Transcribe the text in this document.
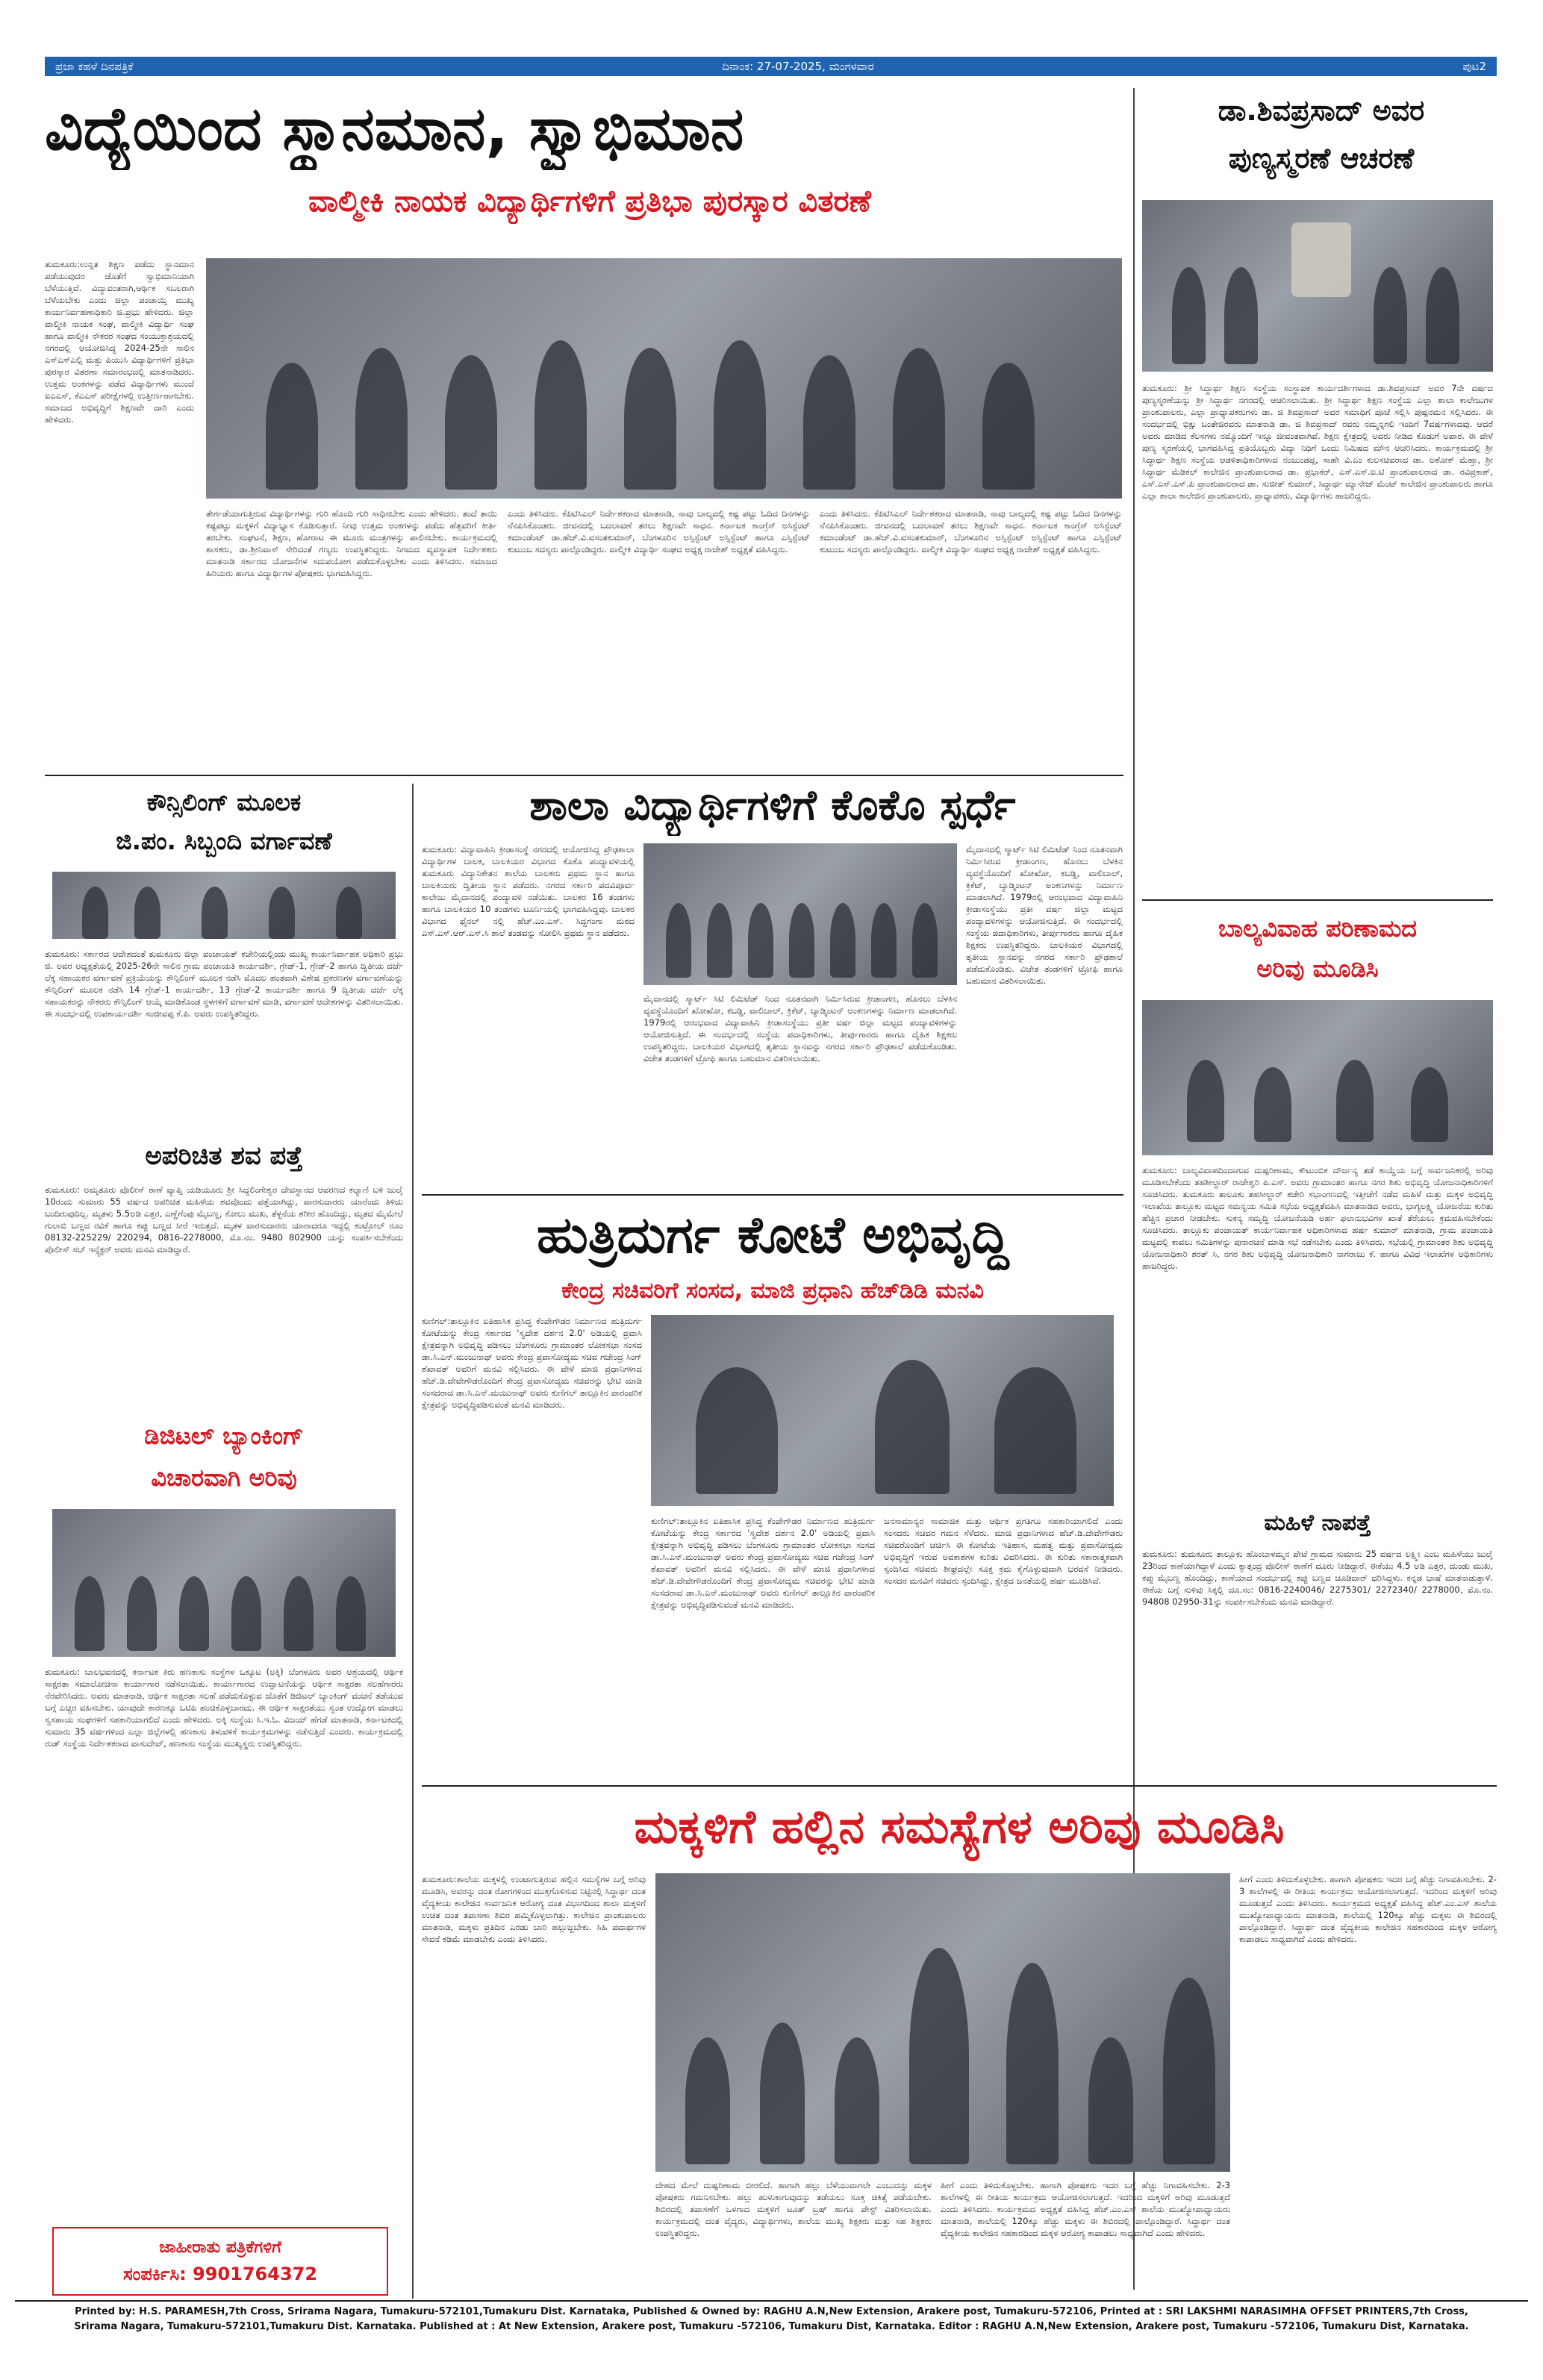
ಪ್ರಜಾ ಕಹಳೆ ದಿನಪತ್ರಿಕೆ	ದಿನಾಂಕ: 27-07-2025, ಮಂಗಳವಾರ	ಪುಟ2
ವಿದ್ಯೆಯಿಂದ ಸ್ಥಾನಮಾನ, ಸ್ವಾಭಿಮಾನ
ವಾಲ್ಮೀಕಿ ನಾಯಕ ವಿದ್ಯಾರ್ಥಿಗಳಿಗೆ ಪ್ರತಿಭಾ ಪುರಸ್ಕಾರ ವಿತರಣೆ
ತುಮಕೂರು:ಉನ್ನತ ಶಿಕ್ಷಣ ಪಡೆದು ಸ್ಥಾನಮಾನ ಪಡೆಯುವುದರ ಜೊತೆಗೆ ಸ್ವಾಭಿಮಾನಿಯಾಗಿ ಬೆಳೆಯುತ್ತಿವೆ. ವಿದ್ಯಾವಂತರಾಗಿ,ಆರ್ಥಿಕ ಸಬಲರಾಗಿ ಬೆಳೆಯಬೇಕು ಎಂದು ಜಿಲ್ಲಾ ಪಂಚಾಯ್ತಿ ಮುಖ್ಯ ಕಾರ್ಯನಿರ್ವಹಣಾಧಿಕಾರಿ ಜಿ.ಪ್ರಭು ಹೇಳಿದರು. ಜಿಲ್ಲಾ ವಾಲ್ಮೀಕಿ ನಾಯಕ ಸಂಘ, ವಾಲ್ಮೀಕಿ ವಿದ್ಯಾರ್ಥಿ ಸಂಘ ಹಾಗೂ ವಾಲ್ಮೀಕಿ ನೌಕರರ ಸಂಘದ ಸಂಯುಕ್ತಾಶ್ರಯದಲ್ಲಿ ನಗರದಲ್ಲಿ ಆಯೋಜಿಸಿದ್ದ 2024-25ನೇ ಸಾಲಿನ ಎಸ್ಎಸ್ಎಲ್ಸಿ ಮತ್ತು ಪಿಯುಸಿ ವಿದ್ಯಾರ್ಥಿಗಳಿಗೆ ಪ್ರತಿಭಾ ಪುರಸ್ಕಾರ ವಿತರಣಾ ಸಮಾರಂಭದಲ್ಲಿ ಮಾತನಾಡಿದರು. ಉತ್ತಮ ಅಂಕಗಳನ್ನು ಪಡೆದ ವಿದ್ಯಾರ್ಥಿಗಳು ಮುಂದೆ ಐಎಎಸ್, ಕೆಎಎಸ್ ಪರೀಕ್ಷೆಗಳಲ್ಲಿ ಉತ್ತೀರ್ಣರಾಗಬೇಕು. ಸಮಾಜದ ಅಭಿವೃದ್ಧಿಗೆ ಶಿಕ್ಷಣವೇ ದಾರಿ ಎಂದು ಹೇಳಿದರು.
ತೇರ್ಗಡೆಯಾಗುತ್ತಿರುವ ವಿದ್ಯಾರ್ಥಿಗಳನ್ನು ಗುರಿ ಹೊಂದಿ ಗುರಿ ಸಾಧಿಸಬೇಕು ಎಂದು ಹೇಳಿದರು. ತಂದೆ ತಾಯಿ ಕಷ್ಟಪಟ್ಟು ಮಕ್ಕಳಿಗೆ ವಿದ್ಯಾಭ್ಯಾಸ ಕೊಡಿಸುತ್ತಾರೆ. ನೀವು ಉತ್ತಮ ಅಂಕಗಳನ್ನು ಪಡೆದು ಹೆತ್ತವರಿಗೆ ಕೀರ್ತಿ ತರಬೇಕು. ಸಂಘಟನೆ, ಶಿಕ್ಷಣ, ಹೋರಾಟ ಈ ಮೂರು ಮಂತ್ರಗಳನ್ನು ಪಾಲಿಸಬೇಕು. ಕಾರ್ಯಕ್ರಮದಲ್ಲಿ ಶಾಸಕರು, ಡಾ.ಶ್ರೀನಿವಾಸ್ ಸೇರಿದಂತೆ ಗಣ್ಯರು ಉಪಸ್ಥಿತರಿದ್ದರು. ನಿಗಮದ ವ್ಯವಸ್ಥಾಪಕ ನಿರ್ದೇಶಕರು ಮಾತನಾಡಿ ಸರ್ಕಾರದ ಯೋಜನೆಗಳ ಸದುಪಯೋಗ ಪಡೆದುಕೊಳ್ಳಬೇಕು ಎಂದು ತಿಳಿಸಿದರು. ಸಮಾಜದ ಹಿರಿಯರು ಹಾಗೂ ವಿದ್ಯಾರ್ಥಿಗಳ ಪೋಷಕರು ಭಾಗವಹಿಸಿದ್ದರು.
ಎಂದು ತಿಳಿಸಿದರು. ಕೆಪಿಟಿಸಿಎಲ್ ನಿರ್ದೇಶಕರಾದ ಮಾತನಾಡಿ, ನಾವು ಬಾಲ್ಯದಲ್ಲಿ ಕಷ್ಟ ಪಟ್ಟು ಓದಿದ ದಿನಗಳನ್ನು ನೆನಪಿಸಿಕೊಂಡರು. ಜೀವನದಲ್ಲಿ ಬದಲಾವಣೆ ತರಲು ಶಿಕ್ಷಣವೇ ಸಾಧನ. ಕರ್ನಾಟಕ ಕಾಂಗ್ರೆಸ್ ಅಸಿಸ್ಟೆಂಟ್ ಕಮಾಂಡೆಂಟ್ ಡಾ.ಹೆಚ್.ವಿ.ವಸಂತಕುಮಾರ್, ಬೆಂಗಳೂರಿನ ಅಸ್ಸಿಸ್ಟೆಂಟ್ ಅಸ್ಸಿಸ್ಟೆಂಟ್ ಹಾಗೂ ಎಸ್ಸಿಸ್ಟೆಂಟ್ ಕುಟುಂಬ ಸದಸ್ಯರು ಪಾಲ್ಗೊಂಡಿದ್ದರು. ವಾಲ್ಮೀಕಿ ವಿದ್ಯಾರ್ಥಿ ಸಂಘದ ಅಧ್ಯಕ್ಷ ರಾಜೇಶ್ ಅಧ್ಯಕ್ಷತೆ ವಹಿಸಿದ್ದರು.
ಎಂದು ತಿಳಿಸಿದರು. ಕೆಪಿಟಿಸಿಎಲ್ ನಿರ್ದೇಶಕರಾದ ಮಾತನಾಡಿ, ನಾವು ಬಾಲ್ಯದಲ್ಲಿ ಕಷ್ಟ ಪಟ್ಟು ಓದಿದ ದಿನಗಳನ್ನು ನೆನಪಿಸಿಕೊಂಡರು. ಜೀವನದಲ್ಲಿ ಬದಲಾವಣೆ ತರಲು ಶಿಕ್ಷಣವೇ ಸಾಧನ. ಕರ್ನಾಟಕ ಕಾಂಗ್ರೆಸ್ ಅಸಿಸ್ಟೆಂಟ್ ಕಮಾಂಡೆಂಟ್ ಡಾ.ಹೆಚ್.ವಿ.ವಸಂತಕುಮಾರ್, ಬೆಂಗಳೂರಿನ ಅಸ್ಸಿಸ್ಟೆಂಟ್ ಅಸ್ಸಿಸ್ಟೆಂಟ್ ಹಾಗೂ ಎಸ್ಸಿಸ್ಟೆಂಟ್ ಕುಟುಂಬ ಸದಸ್ಯರು ಪಾಲ್ಗೊಂಡಿದ್ದರು. ವಾಲ್ಮೀಕಿ ವಿದ್ಯಾರ್ಥಿ ಸಂಘದ ಅಧ್ಯಕ್ಷ ರಾಜೇಶ್ ಅಧ್ಯಕ್ಷತೆ ವಹಿಸಿದ್ದರು.
ಡಾ.ಶಿವಪ್ರಸಾದ್ ಅವರ
ಪುಣ್ಯಸ್ಮರಣೆ ಆಚರಣೆ
ತುಮಕೂರು: ಶ್ರೀ ಸಿದ್ಧಾರ್ಥ ಶಿಕ್ಷಣ ಸಂಸ್ಥೆಯ ಸಂಸ್ಥಾಪಕ ಕಾರ್ಯದರ್ಶಿಗಳಾದ ಡಾ.ಶಿವಪ್ರಸಾದ್ ಅವರ 7ನೇ ವರ್ಷದ ಪುಣ್ಯಸ್ಮರಣೆಯನ್ನು ಶ್ರೀ ಸಿದ್ಧಾರ್ಥ ನಗರದಲ್ಲಿ ಆಚರಿಸಲಾಯಿತು. ಶ್ರೀ ಸಿದ್ಧಾರ್ಥ ಶಿಕ್ಷಣ ಸಂಸ್ಥೆಯ ಎಲ್ಲಾ ಶಾಲಾ ಕಾಲೇಜುಗಳ ಪ್ರಾಂಶುಪಾಲರು, ಎಲ್ಲಾ ಪ್ರಾಧ್ಯಾಪಕರುಗಳು ಡಾ. ಜಿ ಶಿವಪ್ರಸಾದ್ ಅವರ ಸಮಾಧಿಗೆ ಪೂಜೆ ಸಲ್ಲಿಸಿ ಪುಷ್ಪನಮನ ಸಲ್ಲಿಸಿದರು. ಈ ಸಂದರ್ಭದಲ್ಲಿ ಭಿಕ್ಷು ಬಂತೇಜಿರವರು ಮಾತನಾಡಿ ಡಾ. ಜಿ ಶಿವಪ್ರಸಾದ್ ರವರು ನಮ್ಮನ್ನಗಲಿ ಇಂದಿಗೆ 7ವರ್ಷಗಳಾದವು. ಆದರೆ ಅವರು ಮಾಡಿದ ಕೆಲಸಗಳು ನಮ್ಮೊಂದಿಗೆ ಇನ್ನೂ ಜೀವಂತವಾಗಿವೆ. ಶಿಕ್ಷಣ ಕ್ಷೇತ್ರದಲ್ಲಿ ಅವರು ನೀಡಿದ ಕೊಡುಗೆ ಅಪಾರ. ಈ ವೇಳೆ ಪುಣ್ಯ ಸ್ಮರಣೆಯಲ್ಲಿ ಭಾಗವಹಿಸಿದ್ದ ಪ್ರತಿಯೊಬ್ಬರು ವಿದ್ಯಾ ನಿಧಿಗೆ ಒಂದು ನಿಮಿಷದ ಮೌನ ಆಚರಿಸಿದರು. ಕಾರ್ಯಕ್ರಮದಲ್ಲಿ ಶ್ರೀ ಸಿದ್ಧಾರ್ಥ ಶಿಕ್ಷಣ ಸಂಸ್ಥೆಯ ಆಡಳಿತಾಧಿಕಾರಿಗಳಾದ ನಂಜುಂಡಪ್ಪ, ಸಾಹೇ ವಿ.ಎಂ ಕುಲಸಚಿವರಾದ ಡಾ. ಅಶೋಕ್ ಮೆಹ್ತಾ, ಶ್ರೀ ಸಿದ್ಧಾರ್ಥ ಮೆಡಿಕಲ್ ಕಾಲೇಜಿನ ಪ್ರಾಂಶುಪಾಲರಾದ ಡಾ. ಪ್ರಭಾಕರ್, ಎಸ್.ಎಸ್.ಐ.ಟಿ ಪ್ರಾಂಶುಪಾಲರಾದ ಡಾ. ರವಿಪ್ರಕಾಶ್, ಎಸ್.ಎಸ್.ಎಸ್.ಪಿ ಪ್ರಾಂಶುಪಾಲರಾದ ಡಾ. ಸುಜೀತ್ ಕುಮಾರ್, ಸಿದ್ಧಾರ್ಥ ಮ್ಯಾನೇಜ್ ಮೆಂಟ್ ಕಾಲೇಜಿನ ಪ್ರಾಂಶುಪಾಲರು ಹಾಗೂ ಎಲ್ಲಾ ಶಾಲಾ ಕಾಲೇಜಿನ ಪ್ರಾಂಶುಪಾಲರು, ಪ್ರಾಧ್ಯಾಪಕರು, ವಿದ್ಯಾರ್ಥಿಗಳು ಹಾಜರಿದ್ದರು.
ಬಾಲ್ಯವಿವಾಹ ಪರಿಣಾಮದ
ಅರಿವು ಮೂಡಿಸಿ
ತುಮಕೂರು: ಬಾಲ್ಯವಿವಾಹದಿಂದಾಗುವ ದುಷ್ಪರಿಣಾಮ, ಕೌಟುಂಬಿಕ ದೌರ್ಜನ್ಯ ತಡೆ ಕಾಯ್ದೆಯ ಬಗ್ಗೆ ಸಾರ್ವಜನಿಕರಲ್ಲಿ ಅರಿವು ಮೂಡಿಸಬೇಕೆಂದು ತಹಶೀಲ್ದಾರ್ ರಾಜೇಶ್ವರಿ ಪಿ.ಎಸ್. ಅವರು ಗ್ರಾಮಾಂತರ ಹಾಗೂ ನಗರ ಶಿಶು ಅಭಿವೃದ್ಧಿ ಯೋಜನಾಧಿಕಾರಿಗಳಿಗೆ ಸೂಚಿಸಿದರು. ತುಮಕೂರು ತಾಲೂಕು ತಹಸೀಲ್ದಾರ್ ಕಚೇರಿ ಸಭಾಂಗಣದಲ್ಲಿ ಇತ್ತೀಚೆಗೆ ನಡೆದ ಮಹಿಳೆ ಮತ್ತು ಮಕ್ಕಳ ಅಭಿವೃದ್ಧಿ ಇಲಾಖೆಯ ತಾಲ್ಲೂಕು ಮಟ್ಟದ ಸಮನ್ವಯ ಸಮಿತಿ ಸಭೆಯ ಅಧ್ಯಕ್ಷತೆವಹಿಸಿ ಮಾತನಾಡಿದ ಅವರು, ಭಾಗ್ಯಲಕ್ಷ್ಮಿ ಯೋಜನೆಯ ಕುರಿತು ಹೆಚ್ಚಿನ ಪ್ರಚಾರ ನೀಡಬೇಕು. ಸುಕನ್ಯ ಸಮೃದ್ಧಿ ಯೋಜನೆಯಡಿ ಅರ್ಹ ಫಲಾನುಭವಿಗಳ ಖಾತೆ ತೆರೆಯಲು ಕ್ರಮವಹಿಸಬೇಕೆಂದು ಸೂಚಿಸಿದರು. ತಾಲ್ಲೂಕು ಪಂಚಾಯತ್ ಕಾರ್ಯನಿರ್ವಾಹಕ ಅಧಿಕಾರಿಗಳಾದ ಹರ್ಷ ಕುಮಾರ್ ಮಾತನಾಡಿ, ಗ್ರಾಮ ಪಂಚಾಯತಿ ಮಟ್ಟದಲ್ಲಿ ಕಾವಲು ಸಮಿತಿಗಳನ್ನು ಪುನಾರಚನೆ ಮಾಡಿ ಸಭೆ ನಡೆಸಬೇಕು ಎಂದು ತಿಳಿಸಿದರು. ಸಭೆಯಲ್ಲಿ ಗ್ರಾಮಾಂತರ ಶಿಶು ಅಭಿವೃದ್ಧಿ ಯೋಜನಾಧಿಕಾರಿ ಶರತ್ ಸಿ, ನಗರ ಶಿಶು ಅಭಿವೃದ್ಧಿ ಯೋಜನಾಧಿಕಾರಿ ನಾಗರಾಜು ಕೆ. ಹಾಗೂ ವಿವಿಧ ಇಲಾಖೆಗಳ ಅಧಿಕಾರಿಗಳು ಹಾಜರಿದ್ದರು.
ಮಹಿಳೆ ನಾಪತ್ತೆ
ತುಮಕೂರು: ತುಮಕೂರು ತಾಲ್ಲೂಕು ಹೊಂಬಾಳಮ್ಮನ ಪೇಟೆ ಗ್ರಾಮದ ಸುಮಾರು 25 ವರ್ಷದ ಲಕ್ಷ್ಮೀ ಎಂಬ ಮಹಿಳೆಯು ಜುಲೈ 23ರಿಂದ ಕಾಣೆಯಾಗಿದ್ದಾಳೆ ಎಂದು ಕ್ಯಾತ್ಸಂದ್ರ ಪೊಲೀಸ್ ಠಾಣೆಗೆ ದೂರು ನೀಡಿದ್ದಾರೆ. ಈಕೆಯು 4.5 ಅಡಿ ಎತ್ತರ, ದುಂಡು ಮುಖ, ಕಪ್ಪು ಮೈಬಣ್ಣ ಹೊಂದಿದ್ದು, ಕಾಣೆಯಾದ ಸಂದರ್ಭದಲ್ಲಿ ಕಪ್ಪು ಬಣ್ಣದ ಚೂಡಿದಾರ್ ಧರಿಸಿದ್ದಳು. ಕನ್ನಡ ಭಾಷೆ ಮಾತನಾಡುತ್ತಾಳೆ. ಈಕೆಯ ಬಗ್ಗೆ ಸುಳಿವು ಸಿಕ್ಕಲ್ಲಿ ದೂ.ಸಂ: 0816-2240046/ 2275301/ 2272340/ 2278000, ಮೊ.ನಂ. 94808 02950-31ನ್ನು ಸಂಪರ್ಕಿಸಬೇಕೆಂದು ಮನವಿ ಮಾಡಿದ್ದಾರೆ.
ಕೌನ್ಸಿಲಿಂಗ್ ಮೂಲಕ
ಜಿ.ಪಂ. ಸಿಬ್ಬಂದಿ ವರ್ಗಾವಣೆ
ತುಮಕೂರು: ಸರ್ಕಾರದ ಆದೇಶದಂತೆ ತುಮಕೂರು ಜಿಲ್ಲಾ ಪಂಚಾಯತ್ ಕಚೇರಿಯಲ್ಲಿಂದು ಮುಖ್ಯ ಕಾರ್ಯನಿರ್ವಾಹಕ ಅಧಿಕಾರಿ ಪ್ರಭು ಜಿ. ಅವರ ಅಧ್ಯಕ್ಷತೆಯಲ್ಲಿ 2025-26ನೇ ಸಾಲಿನ ಗ್ರಾಮ ಪಂಚಾಯತಿ ಕಾರ್ಯದರ್ಶಿ, ಗ್ರೇಡ್-1, ಗ್ರೇಡ್-2 ಹಾಗೂ ದ್ವಿತೀಯ ದರ್ಜೆ ಲೆಕ್ಕ ಸಹಾಯಕರ ವರ್ಗಾವಣೆ ಪ್ರಕ್ರಿಯೆಯನ್ನು ಕೌನ್ಸಿಲಿಂಗ್ ಮೂಲಕ ನಡೆಸಿ ಮೊದಲ ಹಂತವಾಗಿ ವಿಶೇಷ ಪ್ರಕರಣಗಳ ವರ್ಗಾವಣೆಯನ್ನು ಕೌನ್ಸಿಲಿಂಗ್ ಮೂಲಕ ನಡೆಸಿ 14 ಗ್ರೇಡ್-1 ಕಾರ್ಯದರ್ಶಿ, 13 ಗ್ರೇಡ್-2 ಕಾರ್ಯದರ್ಶಿ ಹಾಗೂ 9 ದ್ವಿತೀಯ ದರ್ಜೆ ಲೆಕ್ಕ ಸಹಾಯಕರನ್ನು ನೌಕರರು ಕೌನ್ಸಿಲಿಂಗ್ ಆಯ್ಕೆ ಮಾಡಿಕೊಂಡ ಸ್ಥಳಗಳಿಗೆ ವರ್ಗಾವಣೆ ಮಾಡಿ, ವರ್ಗಾವಣೆ ಆದೇಶಗಳನ್ನು ವಿತರಿಸಲಾಯಿತು. ಈ ಸಂದರ್ಭದಲ್ಲಿ ಉಪಕಾರ್ಯದರ್ಶಿ ಸಂಜೀವಪ್ಪ ಕೆ.ಪಿ. ಅವರು ಉಪಸ್ಥಿತರಿದ್ದರು.
ಅಪರಿಚಿತ ಶವ ಪತ್ತೆ
ತುಮಕೂರು: ಅಮೃತೂರು ಪೊಲೀಸ್ ಠಾಣೆ ವ್ಯಾಪ್ತಿ ಯಡಿಯೂರು ಶ್ರೀ ಸಿದ್ದಲಿಂಗೇಶ್ವರ ದೇವಸ್ಥಾನದ ಆವರಣದ ಕಲ್ಯಾಣಿ ಬಳಿ ಜುಲೈ 10ರಂದು ಸುಮಾರು 55 ವರ್ಷದ ಅಪರಿಚಿತ ಮಹಿಳೆಯ ಶವವೊಂದು ಪತ್ತೆಯಾಗಿದ್ದು, ವಾರಸುದಾರರು ಯಾರೆಂದು ತಿಳಿದು ಬಂದಿರುವುದಿಲ್ಲ. ಮೃತಳು 5.5ಅಡಿ ಎತ್ತರ, ಎಣ್ಣೆಗೆಂಪು ಮೈಬಣ್ಣ, ಕೋಲು ಮುಖ, ತೆಳ್ಳನೆಯ ಶರೀರ ಹೊಂದಿದ್ದು, ಮೃತದ ಮೈಮೇಲೆ ಗುಲಾಬಿ ಬಣ್ಣದ ರವಿಕೆ ಹಾಗೂ ಕಪ್ಪು ಬಣ್ಣದ ಸೀರೆ ಇರುತ್ತದೆ. ಮೃತಳ ವಾರಸುದಾರರು ಯಾರಾದರೂ ಇದ್ದಲ್ಲಿ ಕಂಟ್ರೋಲ್ ರೂಂ 08132-225229/ 220294, 0816-2278000, ಮೊ.ನಂ. 9480 802900 ಯನ್ನು ಸಂಪರ್ಕಿಸಬೇಕೆಂದು ಪೊಲೀಸ್ ಸಬ್ ಇನ್ಸ್ಪೆಕ್ಟರ್ ಅವರು ಮನವಿ ಮಾಡಿದ್ದಾರೆ.
ಡಿಜಿಟಲ್ ಬ್ಯಾಂಕಿಂಗ್
ವಿಚಾರವಾಗಿ ಅರಿವು
ತುಮಕೂರು: ಬಾಲಭವನದಲ್ಲಿ ಕರ್ನಾಟಕ ಕಿರು ಹಣಕಾಸು ಸಂಸ್ಥೆಗಳ ಒಕ್ಕೂಟ (ಅಕ್ಕಿ) ಬೆಂಗಳೂರು ಅವರ ಆಶ್ರಯದಲ್ಲಿ ಆರ್ಥಿಕ ಸಾಕ್ಷರತಾ ಸಮಾಲೋಚನಾ ಕಾರ್ಯಾಗಾರ ನಡೆಸಲಾಯಿತು. ಕಾರ್ಯಾಗಾರದ ಉದ್ಘಾಟನೆಯನ್ನು ಆರ್ಥಿಕ ಸಾಕ್ಷರತಾ ಸಲಹೆಗಾರರು ನೆರವೇರಿಸಿದರು. ಅವರು ಮಾತನಾಡಿ, ಆರ್ಥಿಕ ಸಾಕ್ಷರತಾ ಸಲಹೆ ಪಡೆದುಕೊಳ್ಳುವ ಜೊತೆಗೆ ಡಿಜಿಟಲ್ ಬ್ಯಾಂಕಿಂಗ್ ವಂಚನೆ ತಡೆಯುವ ಬಗ್ಗೆ ಎಚ್ಚರ ವಹಿಸಬೇಕು. ಯಾವುದೇ ಕಾರಣಕ್ಕೂ ಒಟಿಪಿ ಹಂಚಿಕೊಳ್ಳಬಾರದು. ಈ ಆರ್ಥಿಕ ಸಾಕ್ಷರತೆಯು ಸ್ವಂತ ಉದ್ಯೋಗ ಮಾಡಲು ಸ್ವಸಹಾಯ ಸಂಘಗಳಿಗೆ ಸಹಕಾರಿಯಾಗಲಿದೆ ಎಂದು ಹೇಳಿದರು. ಅಕ್ಕಿ ಸಂಸ್ಥೆಯ ಸಿ.ಇ.ಓ. ವಿಜಯ್ ಹೆಗಡೆ ಮಾತನಾಡಿ, ಕರ್ನಾಟಕದಲ್ಲಿ ಸುಮಾರು 35 ವರ್ಷಗಳಿಂದ ಎಲ್ಲಾ ಜಿಲ್ಲೆಗಳಲ್ಲಿ ಹಣಕಾಸು ತಿಳುವಳಿಕೆ ಕಾರ್ಯಕ್ರಮಗಳನ್ನು ನಡೆಸುತ್ತಿದೆ ಎಂದರು. ಕಾರ್ಯಕ್ರಮದಲ್ಲಿ ರುಡ್ ಸಂಸ್ಥೆಯ ನಿರ್ದೇಶಕರಾದ ವಾಸುದೇವ್, ಹಣಕಾಸು ಸಂಸ್ಥೆಯ ಮುಖ್ಯಸ್ಥರು ಉಪಸ್ಥಿತರಿದ್ದರು.
ಜಾಹೀರಾತು ಪತ್ರಿಕೆಗಳಿಗೆ
ಸಂಪರ್ಕಿಸಿ: 9901764372
ಶಾಲಾ ವಿದ್ಯಾರ್ಥಿಗಳಿಗೆ ಕೊಕೊ ಸ್ಪರ್ಧೆ
ತುಮಕೂರು: ವಿದ್ಯಾವಾಹಿನಿ ಕ್ರೀಡಾಸಂಸ್ಥೆ ನಗರದಲ್ಲಿ ಆಯೋಜಿಸಿದ್ದ ಪ್ರೌಢಶಾಲಾ ವಿದ್ಯಾರ್ಥಿಗಳ ಬಾಲಕ, ಬಾಲಕಿಯರ ವಿಭಾಗದ ಕೊಕೊ ಪಂದ್ಯಾವಳಿಯಲ್ಲಿ ತುಮಕೂರು ವಿದ್ಯಾನಿಕೇತನ ಶಾಲೆಯ ಬಾಲಕರು ಪ್ರಥಮ ಸ್ಥಾನ ಹಾಗೂ ಬಾಲಕಿಯರು ದ್ವಿತೀಯ ಸ್ಥಾನ ಪಡೆದರು. ನಗರದ ಸರ್ಕಾರಿ ಪದವಿಪೂರ್ವ ಕಾಲೇಜು ಮೈದಾನದಲ್ಲಿ ಪಂದ್ಯಾವಳಿ ನಡೆಯಿತು. ಬಾಲಕರ 16 ತಂಡಗಳು ಹಾಗೂ ಬಾಲಕಿಯರ 10 ತಂಡಗಳು ಟೂರ್ನಿಯಲ್ಲಿ ಭಾಗವಹಿಸಿದ್ದವು. ಬಾಲಕರ ವಿಭಾಗದ ಫೈನಲ್ ನಲ್ಲಿ ಹೆಚ್.ಎಂ.ಎಸ್. ಸಿದ್ದಗಂಗಾ ಮಠದ ಎಸ್.ಎಸ್.ಆರ್.ಎಸ್.ಸಿ ಶಾಲೆ ತಂಡವನ್ನು ಸೋಲಿಸಿ ಪ್ರಥಮ ಸ್ಥಾನ ಪಡೆದರು.
ಮೈದಾನದಲ್ಲಿ ಸ್ಮಾರ್ಟ್ ಸಿಟಿ ಲಿಮಿಟೆಡ್ ನಿಂದ ನೂತನವಾಗಿ ನಿರ್ಮಿಸಿರುವ ಕ್ರೀಡಾಂಗಣ, ಹೊನಲು ಬೆಳಕಿನ ವ್ಯವಸ್ಥೆಯೊಂದಿಗೆ ಖೋಖೋ, ಕಬಡ್ಡಿ, ವಾಲಿಬಾಲ್, ಕ್ರಿಕೆಟ್, ಬ್ಯಾಡ್ಮಿಂಟನ್ ಅಂಕಣಗಳನ್ನು ನಿರ್ಮಾಣ ಮಾಡಲಾಗಿದೆ. 1979ರಲ್ಲಿ ಆರಂಭವಾದ ವಿದ್ಯಾವಾಹಿನಿ ಕ್ರೀಡಾಸಂಸ್ಥೆಯು ಪ್ರತೀ ವರ್ಷ ಜಿಲ್ಲಾ ಮಟ್ಟದ ಪಂದ್ಯಾವಳಿಗಳನ್ನು ಆಯೋಜಿಸುತ್ತಿದೆ. ಈ ಸಂದರ್ಭದಲ್ಲಿ ಸಂಸ್ಥೆಯ ಪದಾಧಿಕಾರಿಗಳು, ತೀರ್ಪುಗಾರರು ಹಾಗೂ ದೈಹಿಕ ಶಿಕ್ಷಕರು ಉಪಸ್ಥಿತರಿದ್ದರು. ಬಾಲಕಿಯರ ವಿಭಾಗದಲ್ಲಿ ತೃತೀಯ ಸ್ಥಾನವನ್ನು ನಗರದ ಸರ್ಕಾರಿ ಪ್ರೌಢಶಾಲೆ ಪಡೆದುಕೊಂಡಿತು. ವಿಜೇತ ತಂಡಗಳಿಗೆ ಟ್ರೋಫಿ ಹಾಗೂ ಬಹುಮಾನ ವಿತರಿಸಲಾಯಿತು.
ಮೈದಾನದಲ್ಲಿ ಸ್ಮಾರ್ಟ್ ಸಿಟಿ ಲಿಮಿಟೆಡ್ ನಿಂದ ನೂತನವಾಗಿ ನಿರ್ಮಿಸಿರುವ ಕ್ರೀಡಾಂಗಣ, ಹೊನಲು ಬೆಳಕಿನ ವ್ಯವಸ್ಥೆಯೊಂದಿಗೆ ಖೋಖೋ, ಕಬಡ್ಡಿ, ವಾಲಿಬಾಲ್, ಕ್ರಿಕೆಟ್, ಬ್ಯಾಡ್ಮಿಂಟನ್ ಅಂಕಣಗಳನ್ನು ನಿರ್ಮಾಣ ಮಾಡಲಾಗಿದೆ. 1979ರಲ್ಲಿ ಆರಂಭವಾದ ವಿದ್ಯಾವಾಹಿನಿ ಕ್ರೀಡಾಸಂಸ್ಥೆಯು ಪ್ರತೀ ವರ್ಷ ಜಿಲ್ಲಾ ಮಟ್ಟದ ಪಂದ್ಯಾವಳಿಗಳನ್ನು ಆಯೋಜಿಸುತ್ತಿದೆ. ಈ ಸಂದರ್ಭದಲ್ಲಿ ಸಂಸ್ಥೆಯ ಪದಾಧಿಕಾರಿಗಳು, ತೀರ್ಪುಗಾರರು ಹಾಗೂ ದೈಹಿಕ ಶಿಕ್ಷಕರು ಉಪಸ್ಥಿತರಿದ್ದರು. ಬಾಲಕಿಯರ ವಿಭಾಗದಲ್ಲಿ ತೃತೀಯ ಸ್ಥಾನವನ್ನು ನಗರದ ಸರ್ಕಾರಿ ಪ್ರೌಢಶಾಲೆ ಪಡೆದುಕೊಂಡಿತು. ವಿಜೇತ ತಂಡಗಳಿಗೆ ಟ್ರೋಫಿ ಹಾಗೂ ಬಹುಮಾನ ವಿತರಿಸಲಾಯಿತು.
ಹುತ್ರಿದುರ್ಗ ಕೋಟೆ ಅಭಿವೃದ್ಧಿ
ಕೇಂದ್ರ ಸಚಿವರಿಗೆ ಸಂಸದ, ಮಾಜಿ ಪ್ರಧಾನಿ ಹೆಚ್‌ಡಿಡಿ ಮನವಿ
ಕುಣಿಗಲ್:ತಾಲ್ಲೂಕಿನ ಐತಿಹಾಸಿಕ ಪ್ರಸಿದ್ಧ ಕೆಂಪೇಗೌಡರ ನಿರ್ಮಾಣದ ಹುತ್ರಿದುರ್ಗ ಕೋಟೆಯನ್ನು ಕೇಂದ್ರ ಸರ್ಕಾರದ 'ಸ್ವದೇಶ ದರ್ಶನ 2.0' ಅಡಿಯಲ್ಲಿ ಪ್ರವಾಸಿ ಕ್ಷೇತ್ರವನ್ನಾಗಿ ಅಭಿವೃದ್ಧಿ ಪಡಿಸಲು ಬೆಂಗಳೂರು ಗ್ರಾಮಾಂತರ ಲೋಕಸಭಾ ಸಂಸದ ಡಾ.ಸಿ.ಎನ್.ಮಂಜುನಾಥ್ ಅವರು ಕೇಂದ್ರ ಪ್ರವಾಸೋದ್ಯಮ ಸಚಿವ ಗಜೇಂದ್ರ ಸಿಂಗ್ ಶೆಖಾವತ್ ಅವರಿಗೆ ಮನವಿ ಸಲ್ಲಿಸಿದರು. ಈ ವೇಳೆ ಮಾಜಿ ಪ್ರಧಾನಿಗಳಾದ ಹೆಚ್.ಡಿ.ದೇವೇಗೌಡರೊಂದಿಗೆ ಕೇಂದ್ರ ಪ್ರವಾಸೋದ್ಯಮ ಸಚಿವರನ್ನು ಭೇಟಿ ಮಾಡಿ ಸಂಸದರಾದ ಡಾ.ಸಿ.ಎನ್.ಮಂಜುನಾಥ್ ಅವರು ಕುಣಿಗಲ್ ತಾಲ್ಲೂಕಿನ ಪಾರಂಪರಿಕ ಕ್ಷೇತ್ರವನ್ನು ಅಭಿವೃದ್ಧಿಪಡಿಸುವಂತೆ ಮನವಿ ಮಾಡಿದರು.
ಕುಣಿಗಲ್:ತಾಲ್ಲೂಕಿನ ಐತಿಹಾಸಿಕ ಪ್ರಸಿದ್ಧ ಕೆಂಪೇಗೌಡರ ನಿರ್ಮಾಣದ ಹುತ್ರಿದುರ್ಗ ಕೋಟೆಯನ್ನು ಕೇಂದ್ರ ಸರ್ಕಾರದ 'ಸ್ವದೇಶ ದರ್ಶನ 2.0' ಅಡಿಯಲ್ಲಿ ಪ್ರವಾಸಿ ಕ್ಷೇತ್ರವನ್ನಾಗಿ ಅಭಿವೃದ್ಧಿ ಪಡಿಸಲು ಬೆಂಗಳೂರು ಗ್ರಾಮಾಂತರ ಲೋಕಸಭಾ ಸಂಸದ ಡಾ.ಸಿ.ಎನ್.ಮಂಜುನಾಥ್ ಅವರು ಕೇಂದ್ರ ಪ್ರವಾಸೋದ್ಯಮ ಸಚಿವ ಗಜೇಂದ್ರ ಸಿಂಗ್ ಶೆಖಾವತ್ ಅವರಿಗೆ ಮನವಿ ಸಲ್ಲಿಸಿದರು. ಈ ವೇಳೆ ಮಾಜಿ ಪ್ರಧಾನಿಗಳಾದ ಹೆಚ್.ಡಿ.ದೇವೇಗೌಡರೊಂದಿಗೆ ಕೇಂದ್ರ ಪ್ರವಾಸೋದ್ಯಮ ಸಚಿವರನ್ನು ಭೇಟಿ ಮಾಡಿ ಸಂಸದರಾದ ಡಾ.ಸಿ.ಎನ್.ಮಂಜುನಾಥ್ ಅವರು ಕುಣಿಗಲ್ ತಾಲ್ಲೂಕಿನ ಪಾರಂಪರಿಕ ಕ್ಷೇತ್ರವನ್ನು ಅಭಿವೃದ್ಧಿಪಡಿಸುವಂತೆ ಮನವಿ ಮಾಡಿದರು.
ಜನಸಾಮಾನ್ಯರ ಸಾಮಾಜಿಕ ಮತ್ತು ಆರ್ಥಿಕ ಪ್ರಗತಿಗೂ ಸಹಕಾರಿಯಾಗಲಿದೆ ಎಂದು ಸಂಸದರು ಸಚಿವರ ಗಮನ ಸೆಳೆದರು. ಮಾಜಿ ಪ್ರಧಾನಿಗಳಾದ ಹೆಚ್.ಡಿ.ದೇವೇಗೌಡರು ಸಚಿವರೊಂದಿಗೆ ಚರ್ಚಿಸಿ ಈ ಕೋಟೆಯ ಇತಿಹಾಸ, ಮಹತ್ವ ಮತ್ತು ಪ್ರವಾಸೋದ್ಯಮ ಅಭಿವೃದ್ಧಿಗೆ ಇರುವ ಅವಕಾಶಗಳ ಕುರಿತು ವಿವರಿಸಿದರು. ಈ ಕುರಿತು ಸಕಾರಾತ್ಮಕವಾಗಿ ಸ್ಪಂದಿಸಿದ ಸಚಿವರು ಶೀಘ್ರದಲ್ಲೇ ಸೂಕ್ತ ಕ್ರಮ ಕೈಗೊಳ್ಳುವುದಾಗಿ ಭರವಸೆ ನೀಡಿದರು. ಸಂಸದರ ಮನವಿಗೆ ಸಚಿವರು ಸ್ಪಂದಿಸಿದ್ದು, ಕ್ಷೇತ್ರದ ಜನತೆಯಲ್ಲಿ ಹರ್ಷ ಮೂಡಿಸಿದೆ.
ಮಕ್ಕಳಿಗೆ ಹಲ್ಲಿನ ಸಮಸ್ಯೆಗಳ ಅರಿವು ಮೂಡಿಸಿ
ತುಮಕೂರು:ಶಾಲೆಯ ಮಕ್ಕಳಲ್ಲಿ ಉಂಟಾಗುತ್ತಿರುವ ಹಲ್ಲಿನ ಸಮಸ್ಯೆಗಳ ಬಗ್ಗೆ ಅರಿವು ಮೂಡಿಸಿ, ಅವರನ್ನು ದಂತ ರೋಗಗಳಿಂದ ಮುಕ್ತಗೊಳಿಸುವ ನಿಟ್ಟಿನಲ್ಲಿ ಸಿದ್ಧಾರ್ಥ ದಂತ ವೈದ್ಯಕೀಯ ಕಾಲೇಜಿನ ಸಾರ್ವಜನಿಕ ಆರೋಗ್ಯ ದಂತ ವಿಭಾಗದಿಂದ ಶಾಲಾ ಮಕ್ಕಳಿಗೆ ಉಚಿತ ದಂತ ತಪಾಸಣಾ ಶಿಬಿರ ಹಮ್ಮಿಕೊಳ್ಳಲಾಗಿತ್ತು. ಕಾಲೇಜಿನ ಪ್ರಾಂಶುಪಾಲರು ಮಾತನಾಡಿ, ಮಕ್ಕಳು ಪ್ರತಿದಿನ ಎರಡು ಬಾರಿ ಹಲ್ಲುಜ್ಜಬೇಕು. ಸಿಹಿ ಪದಾರ್ಥಗಳ ಸೇವನೆ ಕಡಿಮೆ ಮಾಡಬೇಕು ಎಂದು ತಿಳಿಸಿದರು.
ದೇಹದ ಮೇಲೆ ದುಷ್ಪರಿಣಾಮ ಬೀರಲಿದೆ. ಹಾಗಾಗಿ ಹಲ್ಲು ಬೆಳೆಯುವಾಗಲೇ ಎಂಬುದನ್ನು ಮಕ್ಕಳ ಪೋಷಕರು ಗಮನಿಸಬೇಕು. ಹಲ್ಲು ಹುಳುಕಾಗುವುದನ್ನು ತಡೆಯಲು ಸೂಕ್ತ ಚಿಕಿತ್ಸೆ ಪಡೆಯಬೇಕು. ಶಿಬಿರದಲ್ಲಿ ತಪಾಸಣೆಗೆ ಒಳಗಾದ ಮಕ್ಕಳಿಗೆ ಟೂತ್ ಬ್ರಷ್ ಹಾಗೂ ಪೇಸ್ಟ್ ವಿತರಿಸಲಾಯಿತು. ಕಾರ್ಯಕ್ರಮದಲ್ಲಿ ದಂತ ವೈದ್ಯರು, ವಿದ್ಯಾರ್ಥಿಗಳು, ಶಾಲೆಯ ಮುಖ್ಯ ಶಿಕ್ಷಕರು ಮತ್ತು ಸಹ ಶಿಕ್ಷಕರು ಉಪಸ್ಥಿತರಿದ್ದರು.
ಹೀಗೆ ಎಂದು ತಿಳಿದುಕೊಳ್ಳಬೇಕು. ಹಾಗಾಗಿ ಪೋಷಕರು ಇದರ ಬಗ್ಗೆ ಹೆಚ್ಚು ನಿಗಾವಹಿಸಬೇಕು. 2-3 ಶಾಲೆಗಳಲ್ಲಿ ಈ ರೀತಿಯ ಕಾರ್ಯಕ್ರಮ ಆಯೋಜಿಸಲಾಗುತ್ತದೆ. ಇದರಿಂದ ಮಕ್ಕಳಿಗೆ ಅರಿವು ಮೂಡುತ್ತದೆ ಎಂದು ತಿಳಿಸಿದರು. ಕಾರ್ಯಕ್ರಮದ ಅಧ್ಯಕ್ಷತೆ ವಹಿಸಿದ್ದ ಹೆಚ್.ಎಂ.ಎಸ್ ಶಾಲೆಯ ಮುಖ್ಯೋಪಾಧ್ಯಾಯರು ಮಾತನಾಡಿ, ಶಾಲೆಯಲ್ಲಿ 120ಕ್ಕೂ ಹೆಚ್ಚು ಮಕ್ಕಳು ಈ ಶಿಬಿರದಲ್ಲಿ ಪಾಲ್ಗೊಂಡಿದ್ದಾರೆ. ಸಿದ್ಧಾರ್ಥ ದಂತ ವೈದ್ಯಕೀಯ ಕಾಲೇಜಿನ ಸಹಕಾರದಿಂದ ಮಕ್ಕಳ ಆರೋಗ್ಯ ಕಾಪಾಡಲು ಸಾಧ್ಯವಾಗಿದೆ ಎಂದು ಹೇಳಿದರು.
ಹೀಗೆ ಎಂದು ತಿಳಿದುಕೊಳ್ಳಬೇಕು. ಹಾಗಾಗಿ ಪೋಷಕರು ಇದರ ಬಗ್ಗೆ ಹೆಚ್ಚು ನಿಗಾವಹಿಸಬೇಕು. 2-3 ಶಾಲೆಗಳಲ್ಲಿ ಈ ರೀತಿಯ ಕಾರ್ಯಕ್ರಮ ಆಯೋಜಿಸಲಾಗುತ್ತದೆ. ಇದರಿಂದ ಮಕ್ಕಳಿಗೆ ಅರಿವು ಮೂಡುತ್ತದೆ ಎಂದು ತಿಳಿಸಿದರು. ಕಾರ್ಯಕ್ರಮದ ಅಧ್ಯಕ್ಷತೆ ವಹಿಸಿದ್ದ ಹೆಚ್.ಎಂ.ಎಸ್ ಶಾಲೆಯ ಮುಖ್ಯೋಪಾಧ್ಯಾಯರು ಮಾತನಾಡಿ, ಶಾಲೆಯಲ್ಲಿ 120ಕ್ಕೂ ಹೆಚ್ಚು ಮಕ್ಕಳು ಈ ಶಿಬಿರದಲ್ಲಿ ಪಾಲ್ಗೊಂಡಿದ್ದಾರೆ. ಸಿದ್ಧಾರ್ಥ ದಂತ ವೈದ್ಯಕೀಯ ಕಾಲೇಜಿನ ಸಹಕಾರದಿಂದ ಮಕ್ಕಳ ಆರೋಗ್ಯ ಕಾಪಾಡಲು ಸಾಧ್ಯವಾಗಿದೆ ಎಂದು ಹೇಳಿದರು.
Printed by: H.S. PARAMESH,7th Cross, Srirama Nagara, Tumakuru-572101,Tumakuru Dist. Karnataka, Published & Owned by: RAGHU A.N,New Extension, Arakere post, Tumakuru-572106, Printed at : SRI LAKSHMI NARASIMHA OFFSET PRINTERS,7th Cross,
Srirama Nagara, Tumakuru-572101,Tumakuru Dist. Karnataka. Published at : At New Extension, Arakere post, Tumakuru -572106, Tumakuru Dist, Karnataka. Editor : RAGHU A.N,New Extension, Arakere post, Tumakuru -572106, Tumakuru Dist, Karnataka.
